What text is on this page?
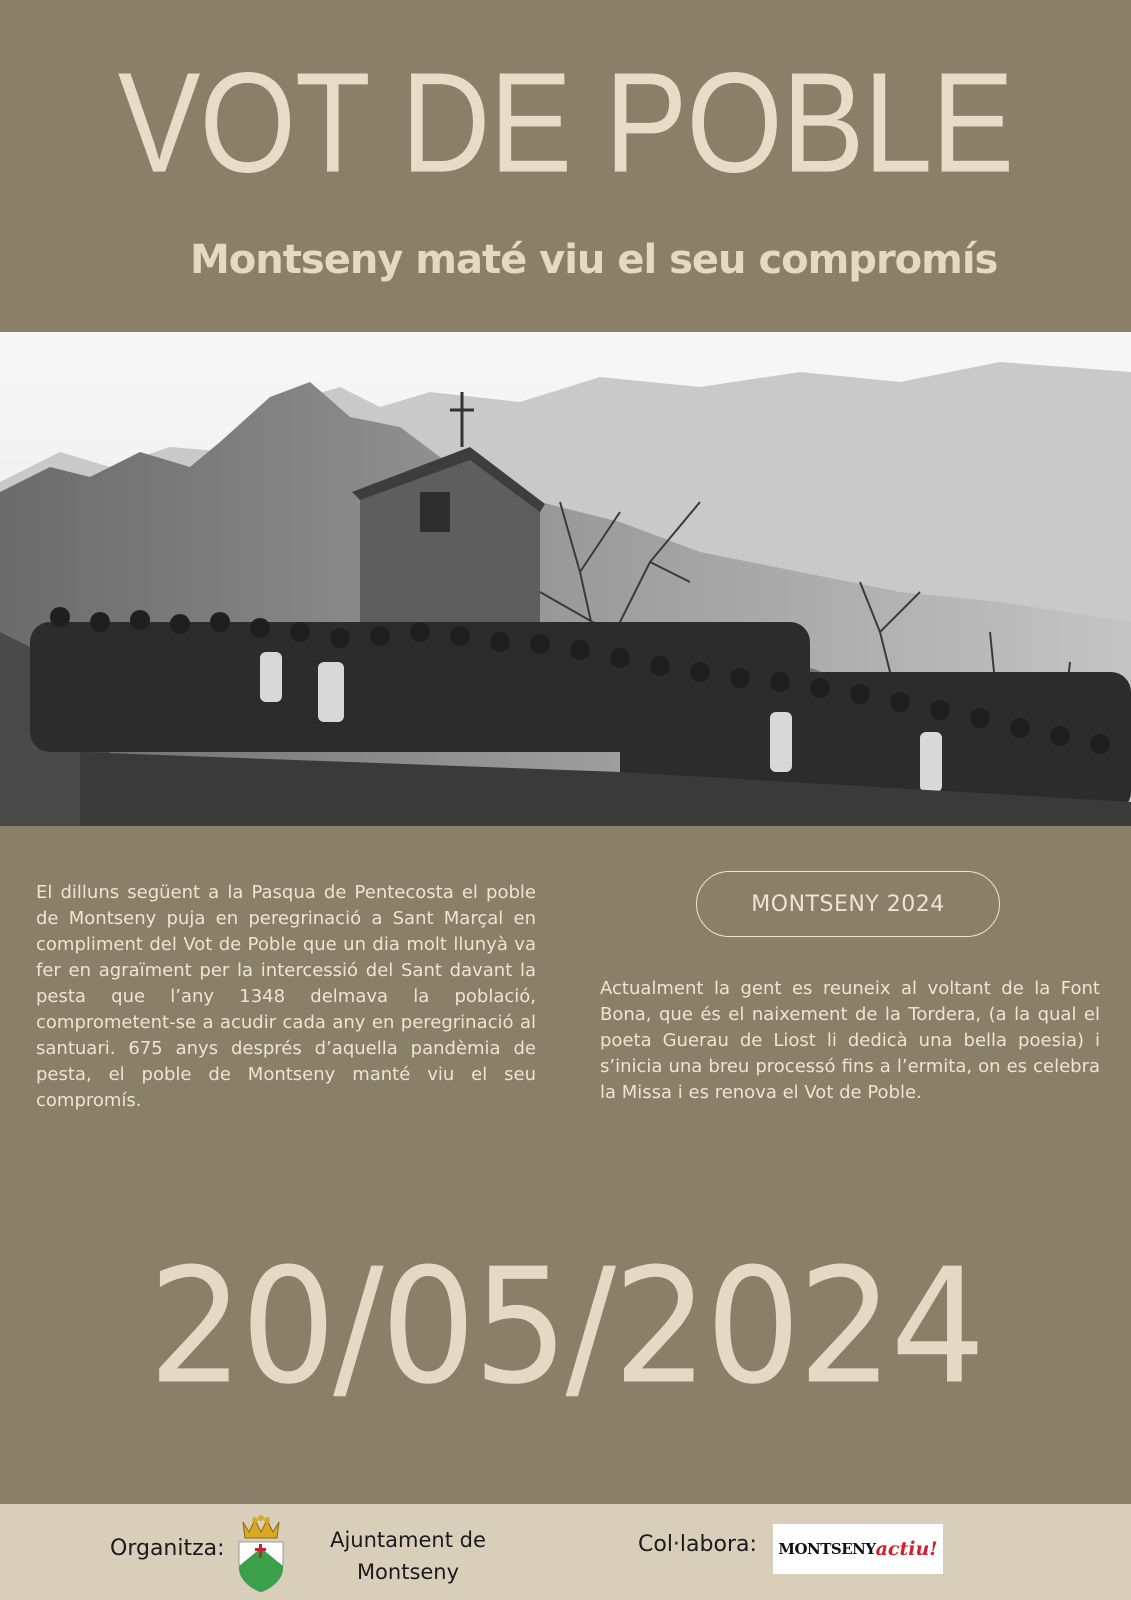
VOT DE POBLE
Montseny maté viu el seu compromís
El dilluns següent a la Pasqua de Pentecosta el poble de Montseny puja en peregrinació a Sant Marçal en compliment del Vot de Poble que un dia molt llunyà va fer en agraïment per la intercessió del Sant davant la pesta que l’any 1348 delmava la població, comprometent-se a acudir cada any en peregrinació al santuari. 675 anys després d’aquella pandèmia de pesta, el poble de Montseny manté viu el seu compromís.
MONTSENY 2024
Actualment la gent es reuneix al voltant de la Font Bona, que és el naixement de la Tordera, (a la qual el poeta Guerau de Liost li dedicà una bella poesia) i s’inicia una breu processó fins a l’ermita, on es celebra la Missa i es renova el Vot de Poble.
20/05/2024
Organitza:	Ajuntament de
Montseny
Col·labora: MONTSENY actiu!
